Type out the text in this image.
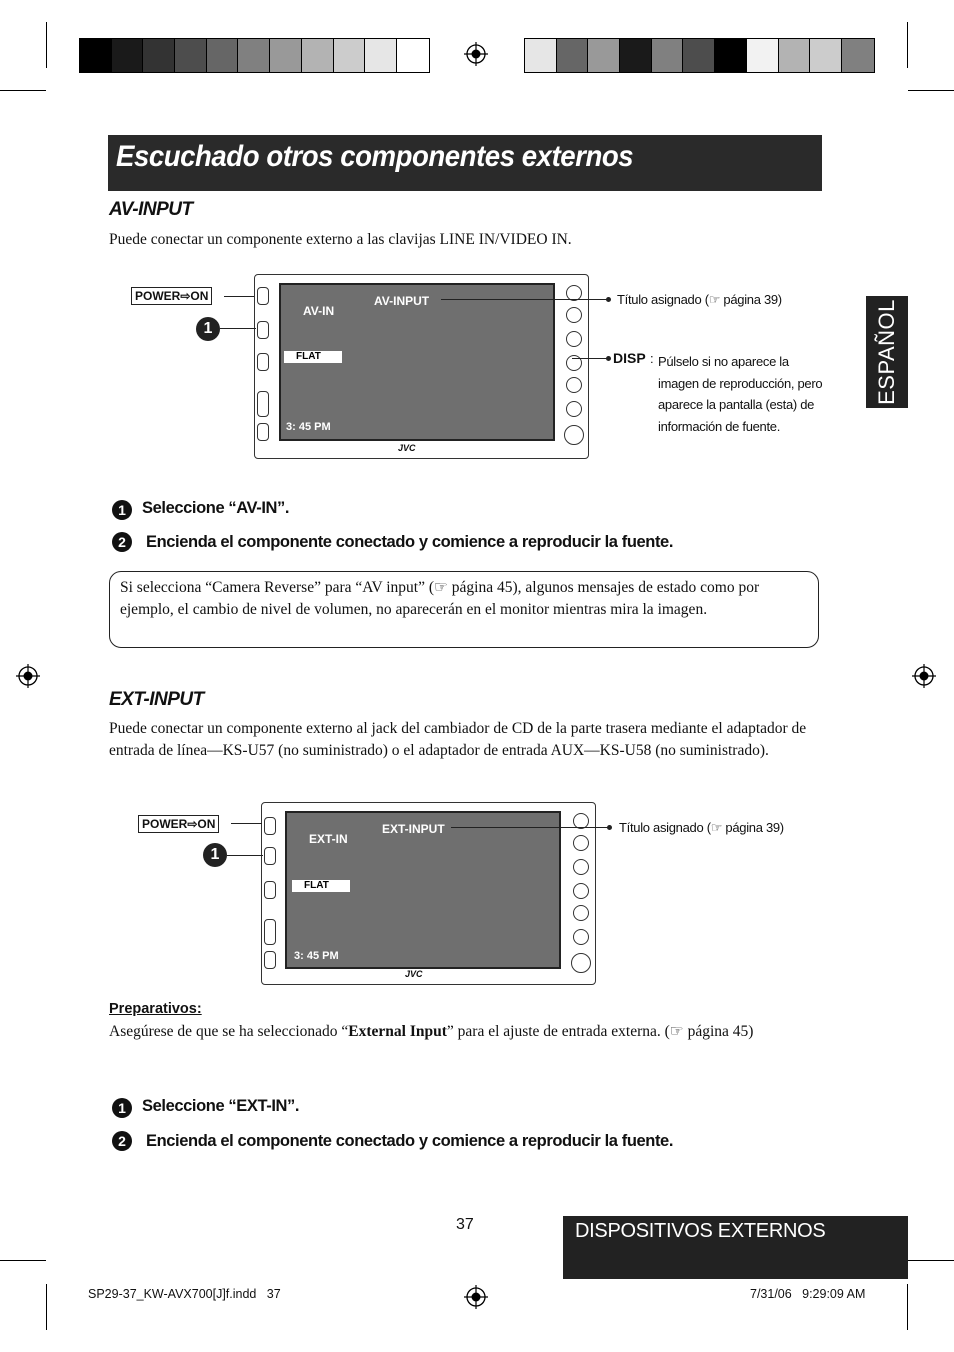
Escuchado otros componentes externos
ESPAÑOL
AV-INPUT
Puede conectar un componente externo a las clavijas LINE IN/VIDEO IN.
AV-IN
AV-INPUT
FLAT
3: 45 PM
JVC
POWER⇨ON
1
Título asignado (☞ página 39)
DISP : Púlselo si no aparece la
imagen de reproducción, pero
aparece la pantalla (esta) de
información de fuente.
1 Seleccione “AV-IN”.
2	Encienda el componente conectado y comience a reproducir la fuente.
Si selecciona “Camera Reverse” para “AV input” (☞ página 45), algunos mensajes de estado como por ejemplo, el cambio de nivel de volumen, no aparecerán en el monitor mientras mira la imagen.
EXT-INPUT
Puede conectar un componente externo al jack del cambiador de CD de la parte trasera mediante el adaptador de entrada de línea—KS-U57 (no suministrado) o el adaptador de entrada AUX—KS-U58 (no suministrado).
EXT-IN
EXT-INPUT
FLAT
3: 45 PM
JVC
POWER⇨ON
1
Título asignado (☞ página 39)
Preparativos:
Asegúrese de que se ha seleccionado “External Input” para el ajuste de entrada externa. (☞ página 45)
1 Seleccione “EXT-IN”.
2	Encienda el componente conectado y comience a reproducir la fuente.
37	DISPOSITIVOS EXTERNOS
SP29-37_KW-AVX700[J]f.indd   37	7/31/06   9:29:09 AM
